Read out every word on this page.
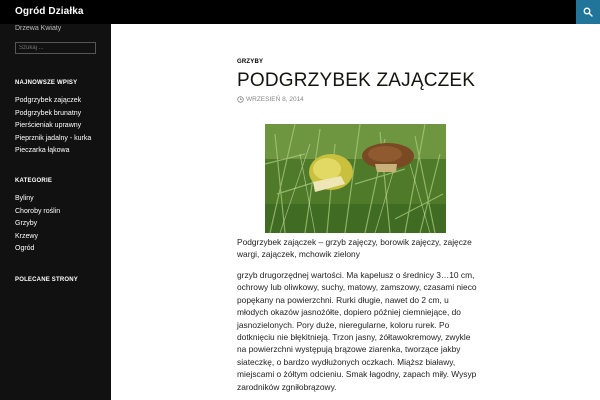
Ogród Działka
Drzewa Kwiaty
Szukaj ...
NAJNOWSZE WPISY
Podgrzybek zajączek
Podgrzybek brunatny
Pierścieniak uprawny
Pieprznik jadalny - kurka
Pieczarka łąkowa
KATEGORIE
Byliny
Choroby roślin
Grzyby
Krzewy
Ogród
POLECANE STRONY
GRZYBY
PODGRZYBEK ZAJĄCZEK
WRZESIEŃ 8, 2014

Podgrzybek zajączek – grzyb zajęczy, borowik zajęczy, zajęcze wargi, zajączek, mchowik zielony

grzyb drugorzędnej wartości. Ma kapelusz o średnicy 3…10 cm, ochrowy lub oliwkowy, suchy, matowy, zamszowy, czasami nieco popękany na powierzchni. Rurki długie, nawet do 2 cm, u młodych okazów jasnożółte, dopiero później ciemniejące, do jasnozielonych. Pory duże, nieregularne, koloru rurek. Po dotknięciu nie błękitnieją. Trzon jasny, żółtawokremowy, zwykle na powierzchni występują brązowe ziarenka, tworzące jakby siateczkę, o bardzo wydłużonych oczkach. Miąższ białawy, miejscami o żółtym odcieniu. Smak łagodny, zapach miły. Wysyp zarodników zgniłobrązowy.
